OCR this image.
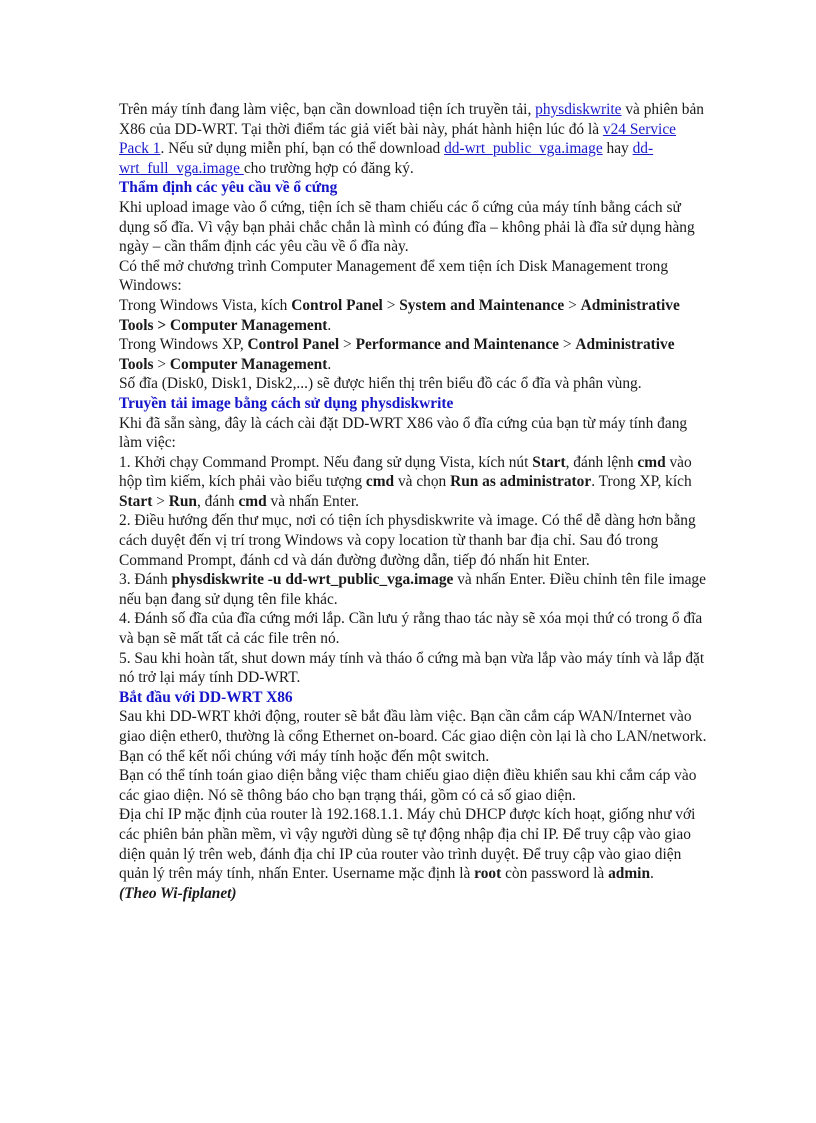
Trên máy tính đang làm việc, bạn cần download tiện ích truyền tải, physdiskwrite và phiên bản X86 của DD-WRT. Tại thời điểm tác giả viết bài này, phát hành hiện lúc đó là v24 Service Pack 1. Nếu sử dụng miễn phí, bạn có thể download dd-wrt_public_vga.image hay dd-wrt_full_vga.image cho trường hợp có đăng ký.

Thẩm định các yêu cầu về ổ cứng

Khi upload image vào ổ cứng, tiện ích sẽ tham chiếu các ổ cứng của máy tính bằng cách sử dụng số đĩa. Vì vậy bạn phải chắc chắn là mình có đúng đĩa – không phải là đĩa sử dụng hàng ngày – cần thẩm định các yêu cầu về ổ đĩa này.

Có thể mở chương trình Computer Management để xem tiện ích Disk Management trong Windows:

Trong Windows Vista, kích Control Panel > System and Maintenance > Administrative Tools > Computer Management.

Trong Windows XP, Control Panel > Performance and Maintenance > Administrative Tools > Computer Management.

Số đĩa (Disk0, Disk1, Disk2,...) sẽ được hiển thị trên biểu đồ các ổ đĩa và phân vùng.

Truyền tải image bằng cách sử dụng physdiskwrite

Khi đã sẵn sàng, đây là cách cài đặt DD-WRT X86 vào ổ đĩa cứng của bạn từ máy tính đang làm việc:

1. Khởi chạy Command Prompt. Nếu đang sử dụng Vista, kích nút Start, đánh lệnh cmd vào hộp tìm kiếm, kích phải vào biểu tượng cmd và chọn Run as administrator. Trong XP, kích Start > Run, đánh cmd và nhấn Enter.

2. Điều hướng đến thư mục, nơi có tiện ích physdiskwrite và image. Có thể dễ dàng hơn bằng cách duyệt đến vị trí trong Windows và copy location từ thanh bar địa chỉ. Sau đó trong Command Prompt, đánh cd và dán đường đường dẫn, tiếp đó nhấn hit Enter.

3. Đánh physdiskwrite -u dd-wrt_public_vga.image và nhấn Enter. Điều chỉnh tên file image nếu bạn đang sử dụng tên file khác.

4. Đánh số đĩa của đĩa cứng mới lắp. Cần lưu ý rằng thao tác này sẽ xóa mọi thứ có trong ổ đĩa và bạn sẽ mất tất cả các file trên nó.

5. Sau khi hoàn tất, shut down máy tính và tháo ổ cứng mà bạn vừa lắp vào máy tính và lắp đặt nó trở lại máy tính DD-WRT.

Bắt đầu với DD-WRT X86

Sau khi DD-WRT khởi động, router sẽ bắt đầu làm việc. Bạn cần cắm cáp WAN/Internet vào giao diện ether0, thường là cổng Ethernet on-board. Các giao diện còn lại là cho LAN/network. Bạn có thể kết nối chúng với máy tính hoặc đến một switch.

Bạn có thể tính toán giao diện bằng việc tham chiếu giao diện điều khiển sau khi cắm cáp vào các giao diện. Nó sẽ thông báo cho bạn trạng thái, gồm có cả số giao diện.

Địa chỉ IP mặc định của router là 192.168.1.1. Máy chủ DHCP được kích hoạt, giống như với các phiên bản phần mềm, vì vậy người dùng sẽ tự động nhập địa chỉ IP. Để truy cập vào giao diện quản lý trên web, đánh địa chỉ IP của router vào trình duyệt. Để truy cập vào giao diện quản lý trên máy tính, nhấn Enter. Username mặc định là root còn password là admin.

(Theo Wi-fiplanet)
